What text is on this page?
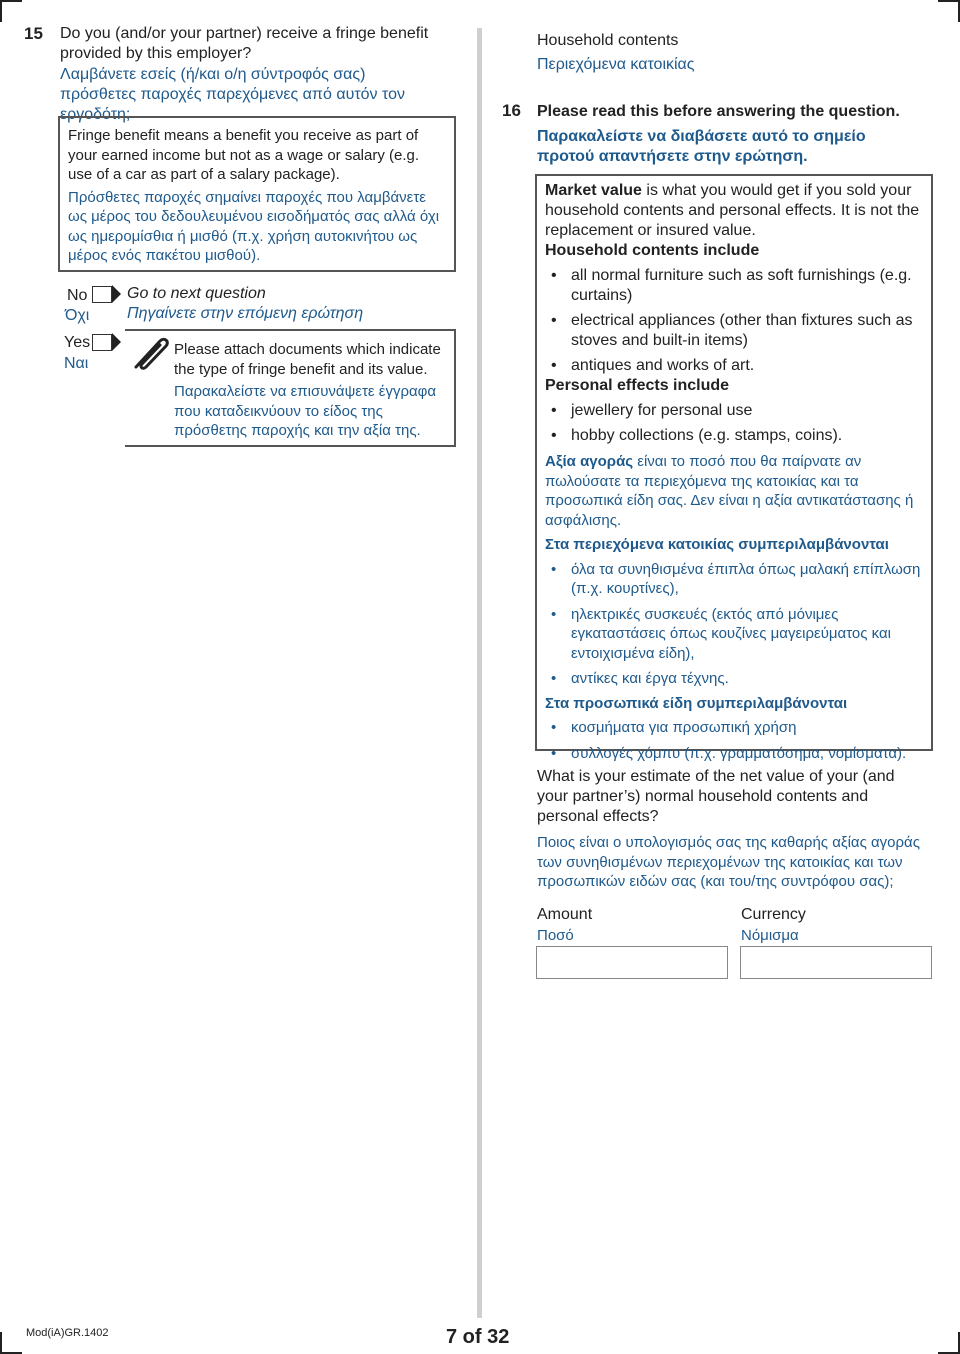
15 Do you (and/or your partner) receive a fringe benefit provided by this employer?
Λαμβάνετε εσείς (ή/και ο/η σύντροφός σας) πρόσθετες παροχές παρεχόμενες από αυτόν τον εργοδότη;

Fringe benefit means a benefit you receive as part of your earned income but not as a wage or salary (e.g. use of a car as part of a salary package).

Πρόσθετες παροχές σημαίνει παροχές που λαμβάνετε ως μέρος του δεδουλευμένου εισοδήματός σας αλλά όχι ως ημερομίσθια ή μισθό (π.χ. χρήση αυτοκινήτου ως μέρος ενός πακέτου μισθού).

No
Όχι
Go to next question
Πηγαίνετε στην επόμενη ερώτηση
Yes
Ναι

Please attach documents which indicate the type of fringe benefit and its value.

Παρακαλείστε να επισυνάψετε έγγραφα που καταδεικνύουν το είδος της πρόσθετης παροχής και την αξία της.

Household contents
Περιεχόμενα κατοικίας
16 Please read this before answering the question.
Παρακαλείστε να διαβάσετε αυτό το σημείο προτού απαντήσετε στην ερώτηση.

Market value is what you would get if you sold your household contents and personal effects. It is not the replacement or insured value.

Household contents include

• all normal furniture such as soft furnishings (e.g. curtains)
• electrical appliances (other than fixtures such as stoves and built-in items)
• antiques and works of art.

Personal effects include

• jewellery for personal use
• hobby collections (e.g. stamps, coins).

Αξία αγοράς είναι το ποσό που θα παίρνατε αν πωλούσατε τα περιεχόμενα της κατοικίας και τα προσωπικά είδη σας. Δεν είναι η αξία αντικατάστασης ή ασφάλισης.

Στα περιεχόμενα κατοικίας συμπεριλαμβάνονται

• όλα τα συνηθισμένα έπιπλα όπως μαλακή επίπλωση (π.χ. κουρτίνες),
• ηλεκτρικές συσκευές (εκτός από μόνιμες εγκαταστάσεις όπως κουζίνες μαγειρεύματος και εντοιχισμένα είδη),
• αντίκες και έργα τέχνης.

Στα προσωπικά είδη συμπεριλαμβάνονται

• κοσμήματα για προσωπική χρήση
• συλλογές χόμπυ (π.χ. γραμματόσημα, νομίσματα).
What is your estimate of the net value of your (and your partner’s) normal household contents and personal effects?
Ποιος είναι ο υπολογισμός σας της καθαρής αξίας αγοράς των συνηθισμένων περιεχομένων της κατοικίας και των προσωπικών ειδών σας (και του/της συντρόφου σας);
Amount
Ποσό
Currency
Νόμισμα
Mod(iA)GR.1402	7 of 32
